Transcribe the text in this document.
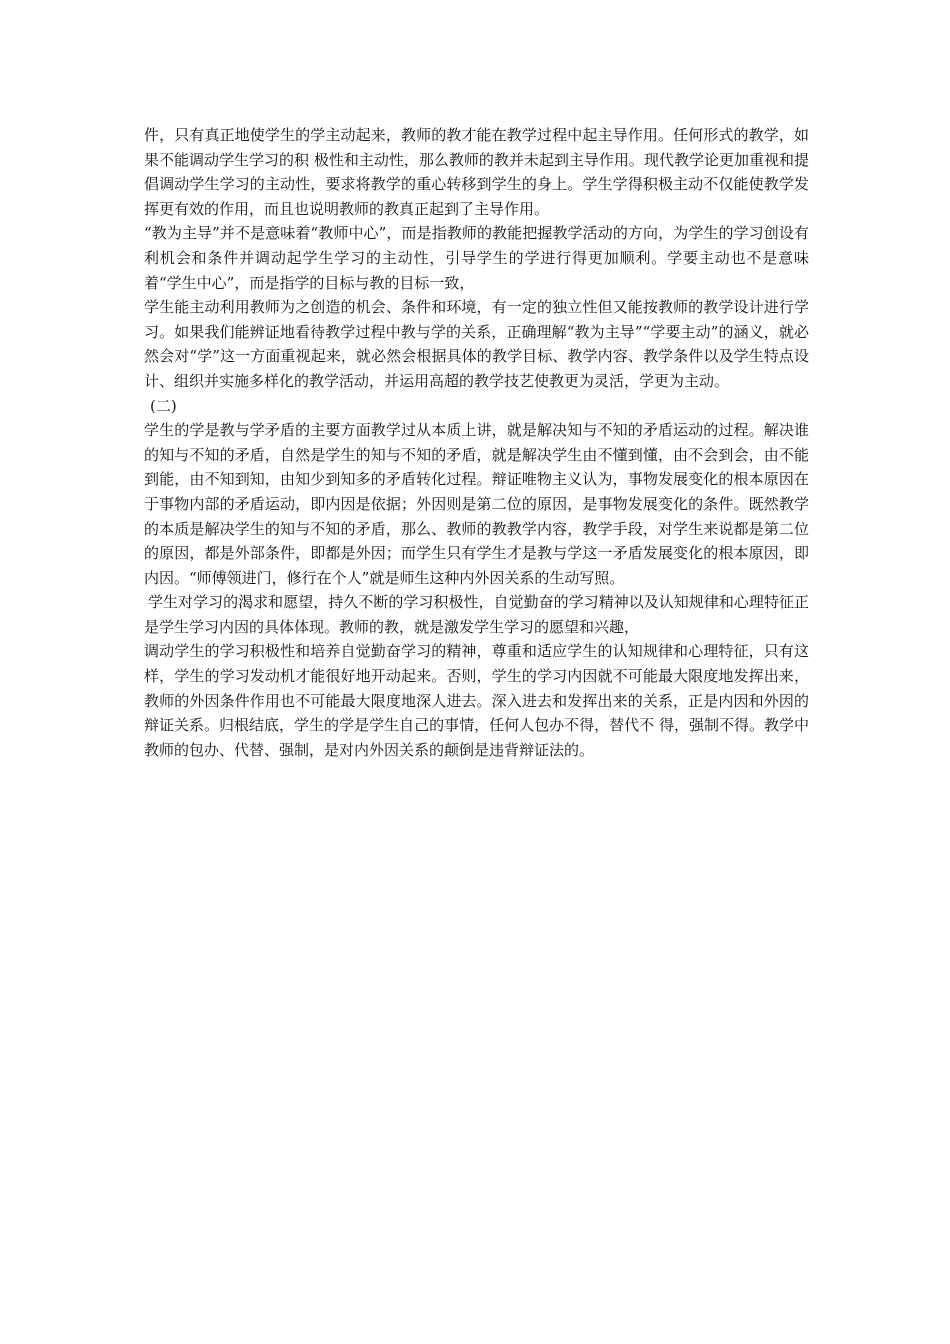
件，只有真正地使学生的学主动起来，教师的教才能在教学过程中起主导作用。任何形式的教学，如果不能调动学生学习的积 极性和主动性，那么教师的教并未起到主导作用。现代教学论更加重视和提倡调动学生学习的主动性，要求将教学的重心转移到学生的身上。学生学得积极主动不仅能使教学发挥更有效的作用，而且也说明教师的教真正起到了主导作用。

“教为主导”并不是意味着“教师中心”，而是指教师的教能把握教学活动的方向，为学生的学习创设有利机会和条件并调动起学生学习的主动性，引导学生的学进行得更加顺利。学要主动也不是意味着“学生中心”，而是指学的目标与教的目标一致，

学生能主动利用教师为之创造的机会、条件和环境，有一定的独立性但又能按教师的教学设计进行学习。如果我们能辨证地看待教学过程中教与学的关系，正确理解“教为主导”“学要主动”的涵义，就必然会对“学”这一方面重视起来，就必然会根据具体的教学目标、教学内容、教学条件以及学生特点设计、组织并实施多样化的教学活动，并运用高超的教学技艺使教更为灵活，学更为主动。

(二)

学生的学是教与学矛盾的主要方面教学过从本质上讲，就是解决知与不知的矛盾运动的过程。解决谁的知与不知的矛盾，自然是学生的知与不知的矛盾，就是解决学生由不懂到懂，由不会到会，由不能到能，由不知到知，由知少到知多的矛盾转化过程。辩证唯物主义认为，事物发展变化的根本原因在于事物内部的矛盾运动，即内因是依据；外因则是第二位的原因，是事物发展变化的条件。既然教学的本质是解决学生的知与不知的矛盾，那么、教师的教教学内容，教学手段，对学生来说都是第二位的原因，都是外部条件，即都是外因；而学生只有学生才是教与学这一矛盾发展变化的根本原因，即内因。“师傅领进门，修行在个人”就是师生这种内外因关系的生动写照。

学生对学习的渴求和愿望，持久不断的学习积极性，自觉勤奋的学习精神以及认知规律和心理特征正是学生学习内因的具体体现。教师的教，就是激发学生学习的愿望和兴趣，

调动学生的学习积极性和培养自觉勤奋学习的精神，尊重和适应学生的认知规律和心理特征，只有这样，学生的学习发动机才能很好地开动起来。否则，学生的学习内因就不可能最大限度地发挥出来，教师的外因条件作用也不可能最大限度地深人进去。深入进去和发挥出来的关系，正是内因和外因的辩证关系。归根结底，学生的学是学生自己的事情，任何人包办不得，替代不 得，强制不得。教学中教师的包办、代替、强制，是对内外因关系的颠倒是违背辩证法的。
